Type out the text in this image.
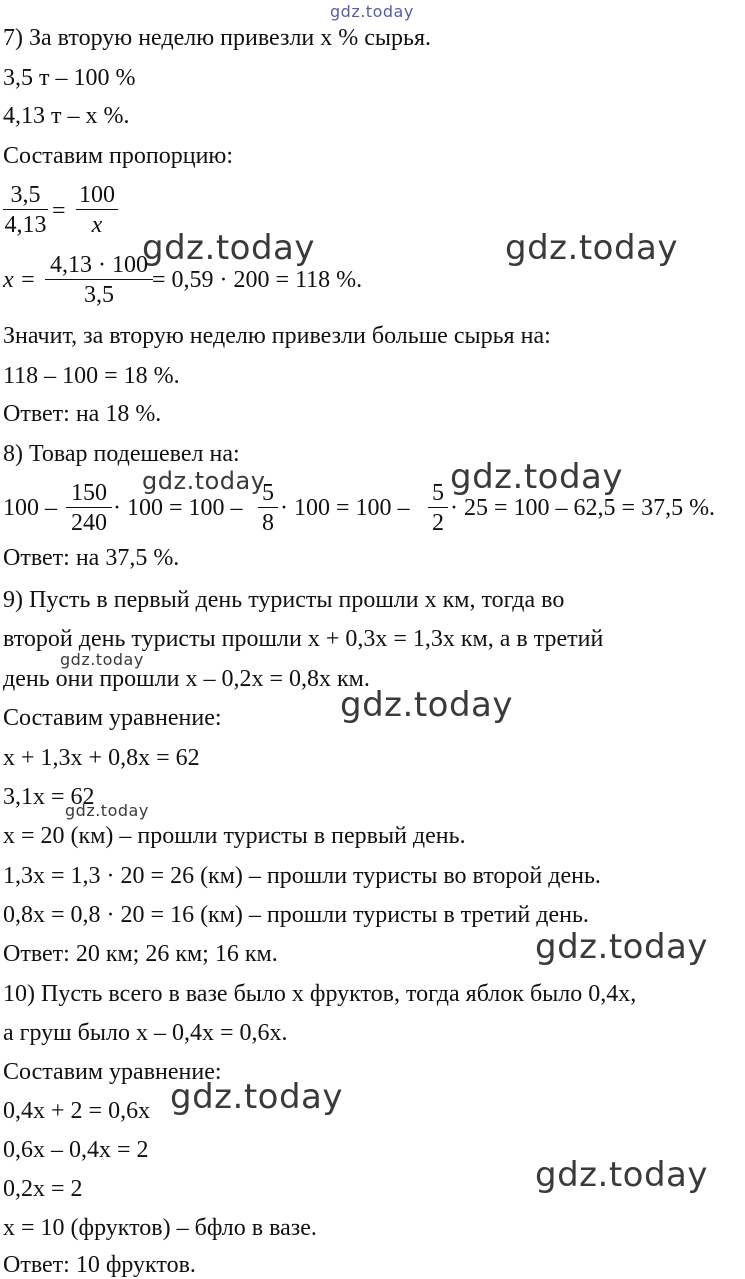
gdz.today
gdz.today	gdz.today
gdz.today	gdz.today
gdz.today
gdz.today
gdz.today
gdz.today
gdz.today
gdz.today
7) За вторую неделю привезли x % сырья.
3,5 т – 100 %
4,13 т – x %.
Составим пропорцию:
3,5
4,13
=
100
x
x =
4,13 · 100
3,5
= 0,59 · 200 = 118 %.
Значит, за вторую неделю привезли больше сырья на:
118 – 100 = 18 %.
Ответ: на 18 %.
8) Товар подешевел на:
100 –
150
240
· 100 = 100 –
5
8
· 100 = 100 –
5
2
· 25 = 100 – 62,5 = 37,5 %.
Ответ: на 37,5 %.
9) Пусть в первый день туристы прошли x км, тогда во
второй день туристы прошли x + 0,3x = 1,3x км, а в третий
день они прошли x – 0,2x = 0,8x км.
Составим уравнение:
x + 1,3x + 0,8x = 62
3,1x = 62
x = 20 (км) – прошли туристы в первый день.
1,3x = 1,3 · 20 = 26 (км) – прошли туристы во второй день.
0,8x = 0,8 · 20 = 16 (км) – прошли туристы в третий день.
Ответ: 20 км; 26 км; 16 км.
10) Пусть всего в вазе было x фруктов, тогда яблок было 0,4x,
а груш было x – 0,4x = 0,6x.
Составим уравнение:
0,4x + 2 = 0,6x
0,6x – 0,4x = 2
0,2x = 2
x = 10 (фруктов) – бфло в вазе.
Ответ: 10 фруктов.
